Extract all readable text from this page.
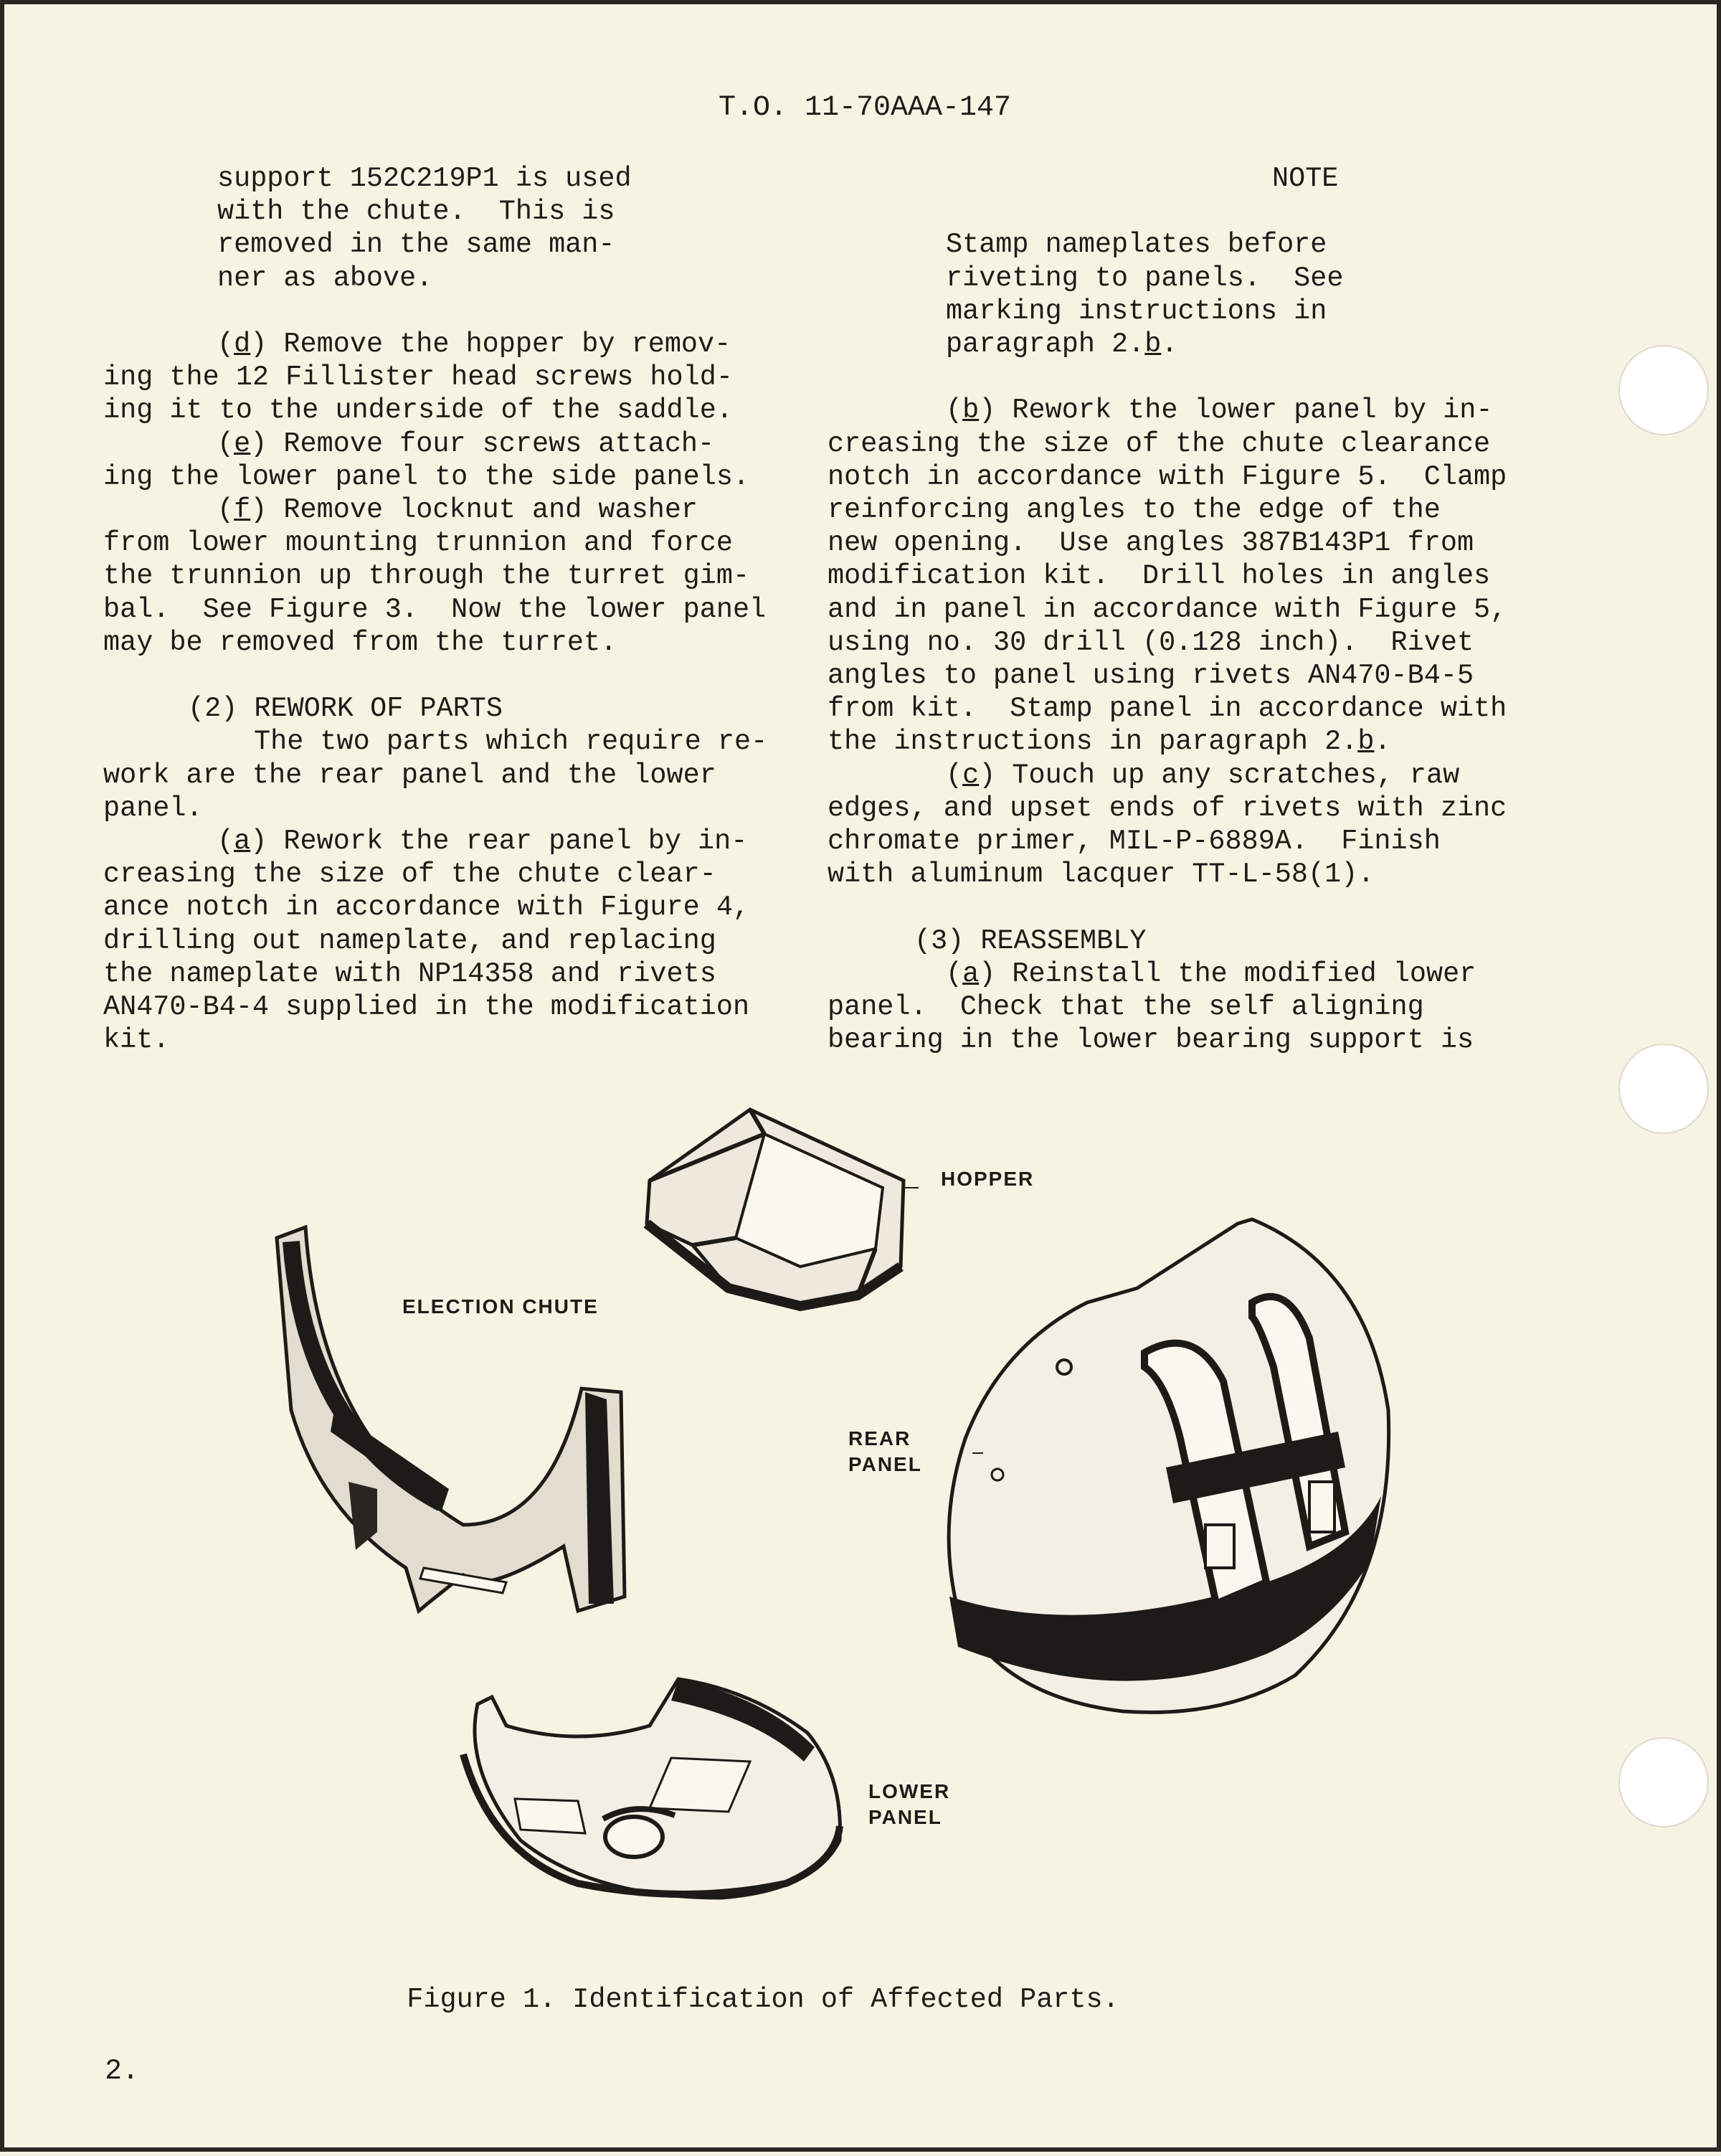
T.O. 11-70AAA-147
support 152C219P1 is used
with the chute.  This is
removed in the same man-
ner as above.
(d) Remove the hopper by remov-
ing the 12 Fillister head screws hold-
ing it to the underside of the saddle.
(e) Remove four screws attach-
ing the lower panel to the side panels.
(f) Remove locknut and washer
from lower mounting trunnion and force
the trunnion up through the turret gim-
bal.  See Figure 3.  Now the lower panel
may be removed from the turret.
(2) REWORK OF PARTS
The two parts which require re-
work are the rear panel and the lower
panel.
(a) Rework the rear panel by in-
creasing the size of the chute clear-
ance notch in accordance with Figure 4,
drilling out nameplate, and replacing
the nameplate with NP14358 and rivets
AN470-B4-4 supplied in the modification
kit.
NOTE
Stamp nameplates before
riveting to panels.  See
marking instructions in
paragraph 2.b.
(b) Rework the lower panel by in-
creasing the size of the chute clearance
notch in accordance with Figure 5.  Clamp
reinforcing angles to the edge of the
new opening.  Use angles 387B143P1 from
modification kit.  Drill holes in angles
and in panel in accordance with Figure 5,
using no. 30 drill (0.128 inch).  Rivet
angles to panel using rivets AN470-B4-5
from kit.  Stamp panel in accordance with
the instructions in paragraph 2.b.
(c) Touch up any scratches, raw
edges, and upset ends of rivets with zinc
chromate primer, MIL-P-6889A.  Finish
with aluminum lacquer TT-L-58(1).
(3) REASSEMBLY
(a) Reinstall the modified lower
panel.  Check that the self aligning
bearing in the lower bearing support is
HOPPER
ELECTION CHUTE
REAR
PANEL
LOWER
PANEL
Figure 1. Identification of Affected Parts.
2.
